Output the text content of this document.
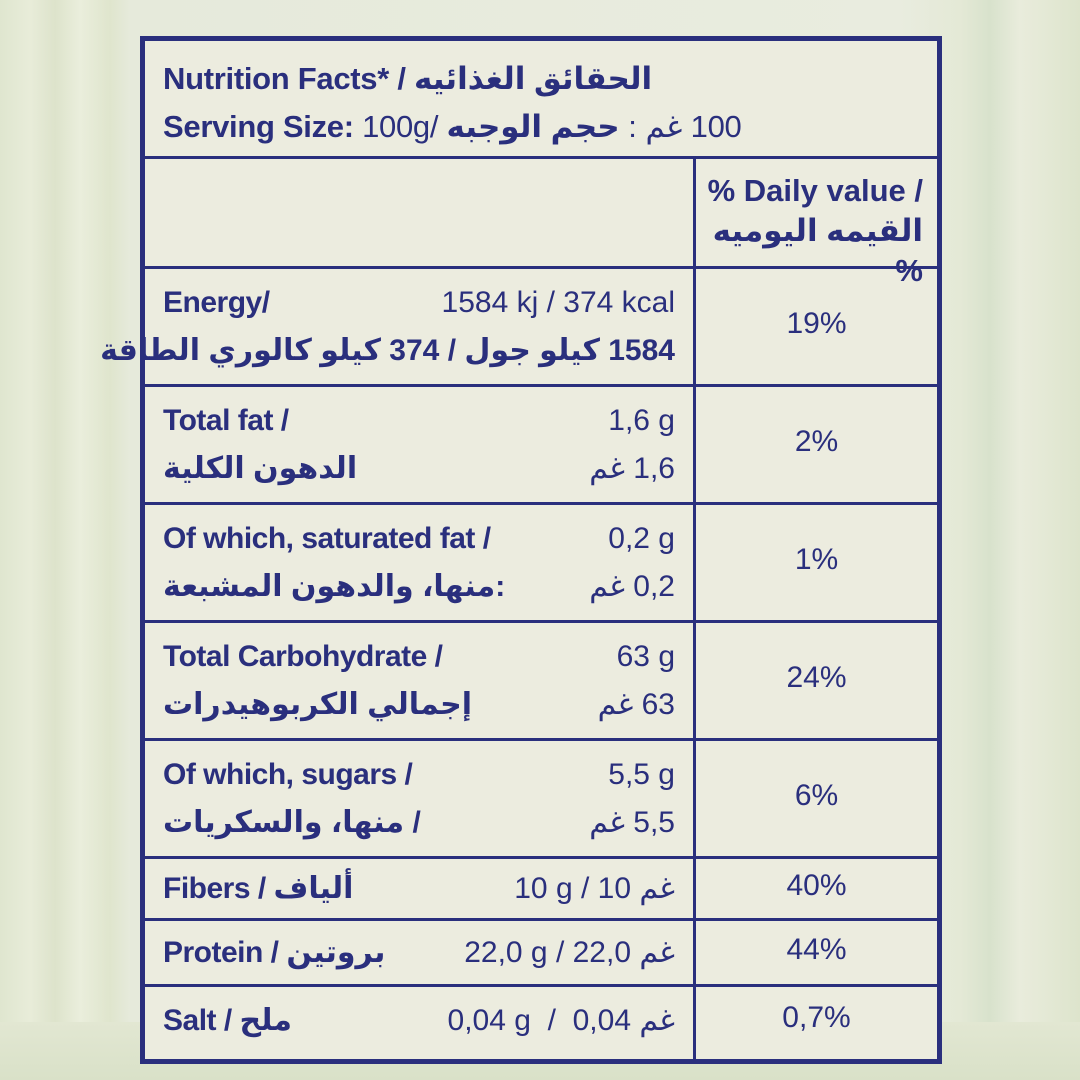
Nutrition Facts* / الحقائق الغذائيه
Serving Size: 100g/	100 غم : حجم الوجبه
% Daily value /
القيمه اليوميه %
Energy/	1584 kj / 374 kcal
1584 كيلو جول / 374 كيلو كالوري الطاقة
19%
Total fat /	1,6 g
الدهون الكلية	1,6 غم
2%
Of which, saturated fat /	0,2 g
:منها، والدهون المشبعة	0,2 غم
1%
Total Carbohydrate /	63 g
إجمالي الكربوهيدرات	63 غم
24%
Of which, sugars /	5,5 g
/ منها، والسكريات	5,5 غم
6%
Fibers / ألياف	10 g / 10 غم	40%
Protein / بروتين	22,0 g / 22,0 غم	44%
Salt / ملح	0,04 g  /  0,04 غم	0,7%
